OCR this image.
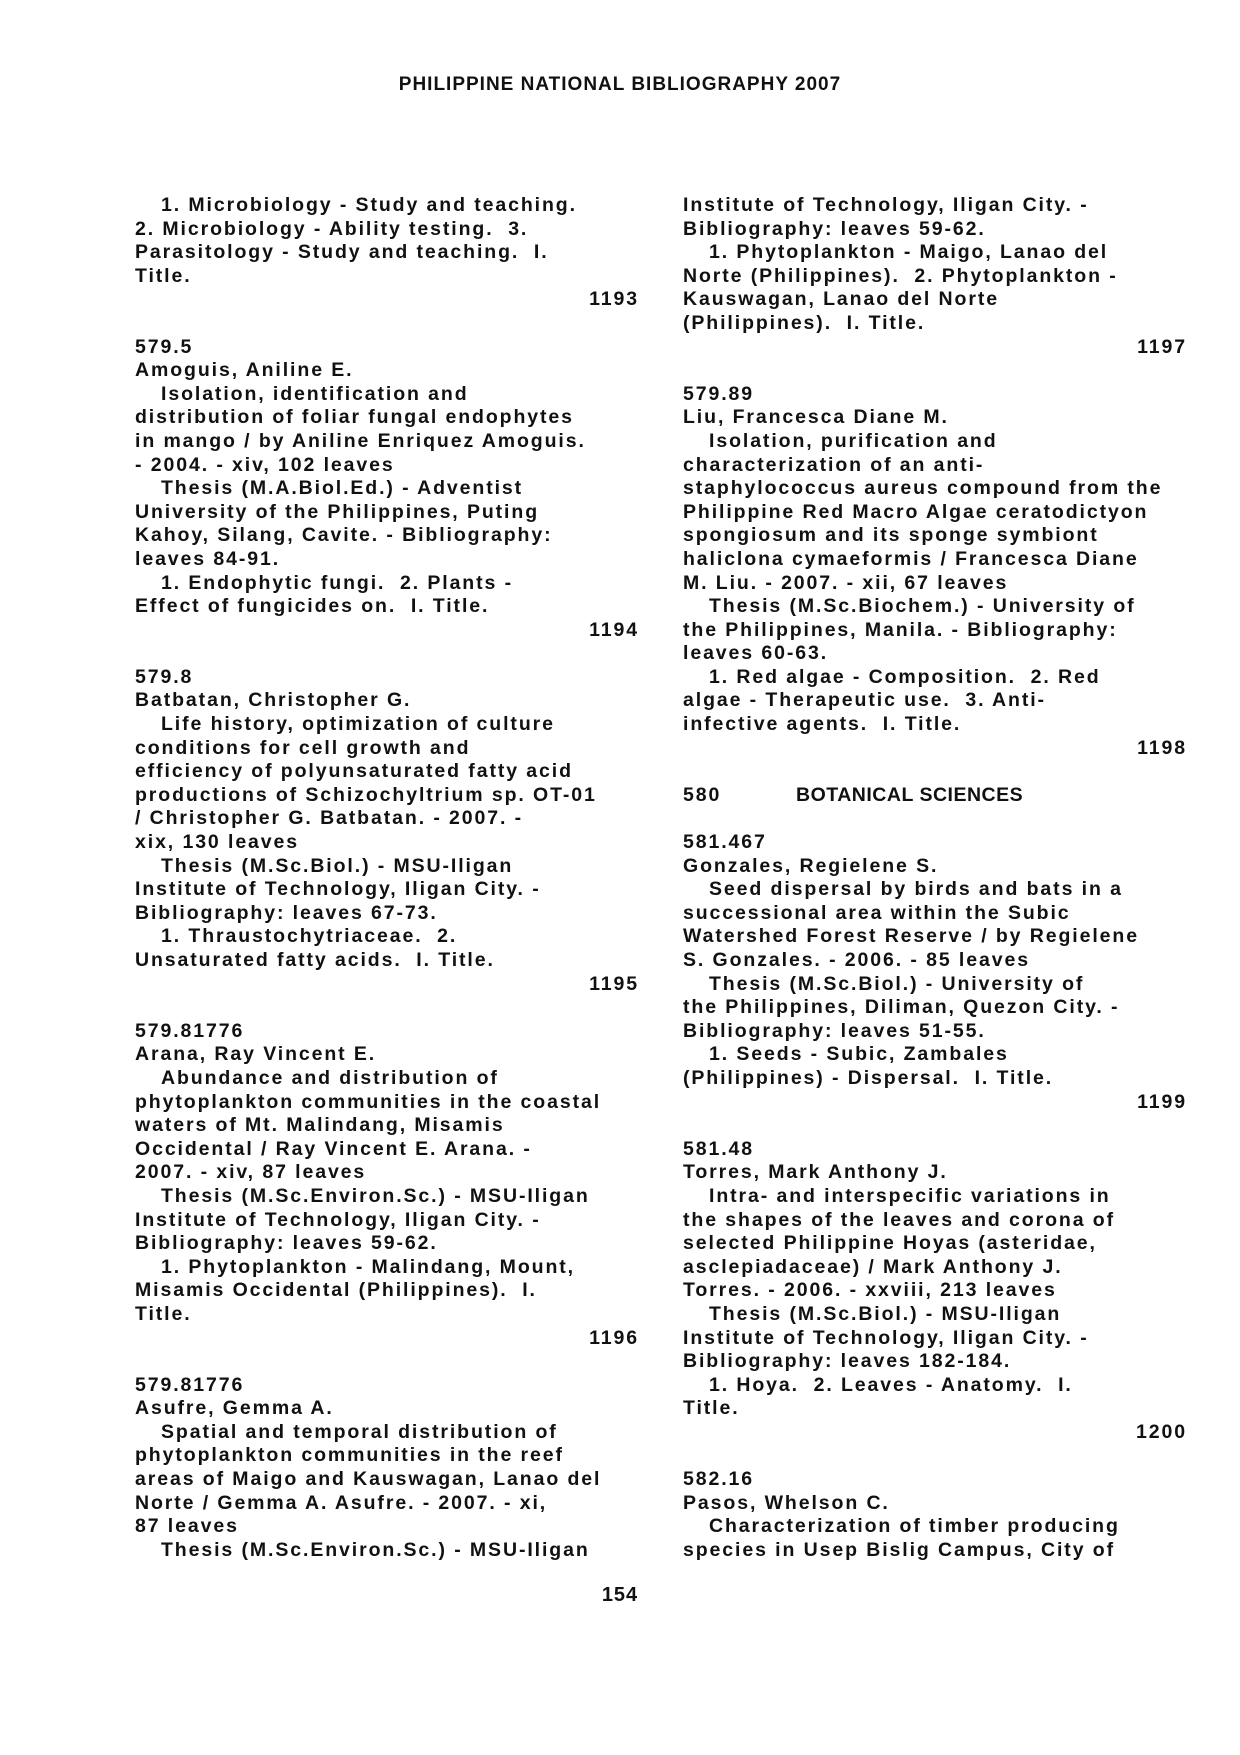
PHILIPPINE NATIONAL BIBLIOGRAPHY 2007
1. Microbiology - Study and teaching.
2. Microbiology - Ability testing.  3.
Parasitology - Study and teaching.  I.
Title.
1193
579.5
Amoguis, Aniline E.
Isolation, identification and
distribution of foliar fungal endophytes
in mango / by Aniline Enriquez Amoguis.
- 2004. - xiv, 102 leaves
Thesis (M.A.Biol.Ed.) - Adventist
University of the Philippines, Puting
Kahoy, Silang, Cavite. - Bibliography:
leaves 84-91.
1. Endophytic fungi.  2. Plants -
Effect of fungicides on.  I. Title.
1194
579.8
Batbatan, Christopher G.
Life history, optimization of culture
conditions for cell growth and
efficiency of polyunsaturated fatty acid
productions of Schizochyltrium sp. OT-01
/ Christopher G. Batbatan. - 2007. -
xix, 130 leaves
Thesis (M.Sc.Biol.) - MSU-Iligan
Institute of Technology, Iligan City. -
Bibliography: leaves 67-73.
1. Thraustochytriaceae.  2.
Unsaturated fatty acids.  I. Title.
1195
579.81776
Arana, Ray Vincent E.
Abundance and distribution of
phytoplankton communities in the coastal
waters of Mt. Malindang, Misamis
Occidental / Ray Vincent E. Arana. -
2007. - xiv, 87 leaves
Thesis (M.Sc.Environ.Sc.) - MSU-Iligan
Institute of Technology, Iligan City. -
Bibliography: leaves 59-62.
1. Phytoplankton - Malindang, Mount,
Misamis Occidental (Philippines).  I.
Title.
1196
579.81776
Asufre, Gemma A.
Spatial and temporal distribution of
phytoplankton communities in the reef
areas of Maigo and Kauswagan, Lanao del
Norte / Gemma A. Asufre. - 2007. - xi,
87 leaves
Thesis (M.Sc.Environ.Sc.) - MSU-Iligan
Institute of Technology, Iligan City. -
Bibliography: leaves 59-62.
1. Phytoplankton - Maigo, Lanao del
Norte (Philippines).  2. Phytoplankton -
Kauswagan, Lanao del Norte
(Philippines).  I. Title.
1197
579.89
Liu, Francesca Diane M.
Isolation, purification and
characterization of an anti-
staphylococcus aureus compound from the
Philippine Red Macro Algae ceratodictyon
spongiosum and its sponge symbiont
haliclona cymaeformis / Francesca Diane
M. Liu. - 2007. - xii, 67 leaves
Thesis (M.Sc.Biochem.) - University of
the Philippines, Manila. - Bibliography:
leaves 60-63.
1. Red algae - Composition.  2. Red
algae - Therapeutic use.  3. Anti-
infective agents.  I. Title.
1198
580	BOTANICAL SCIENCES
581.467
Gonzales, Regielene S.
Seed dispersal by birds and bats in a
successional area within the Subic
Watershed Forest Reserve / by Regielene
S. Gonzales. - 2006. - 85 leaves
Thesis (M.Sc.Biol.) - University of
the Philippines, Diliman, Quezon City. -
Bibliography: leaves 51-55.
1. Seeds - Subic, Zambales
(Philippines) - Dispersal.  I. Title.
1199
581.48
Torres, Mark Anthony J.
Intra- and interspecific variations in
the shapes of the leaves and corona of
selected Philippine Hoyas (asteridae,
asclepiadaceae) / Mark Anthony J.
Torres. - 2006. - xxviii, 213 leaves
Thesis (M.Sc.Biol.) - MSU-Iligan
Institute of Technology, Iligan City. -
Bibliography: leaves 182-184.
1. Hoya.  2. Leaves - Anatomy.  I.
Title.
1200
582.16
Pasos, Whelson C.
Characterization of timber producing
species in Usep Bislig Campus, City of
154
